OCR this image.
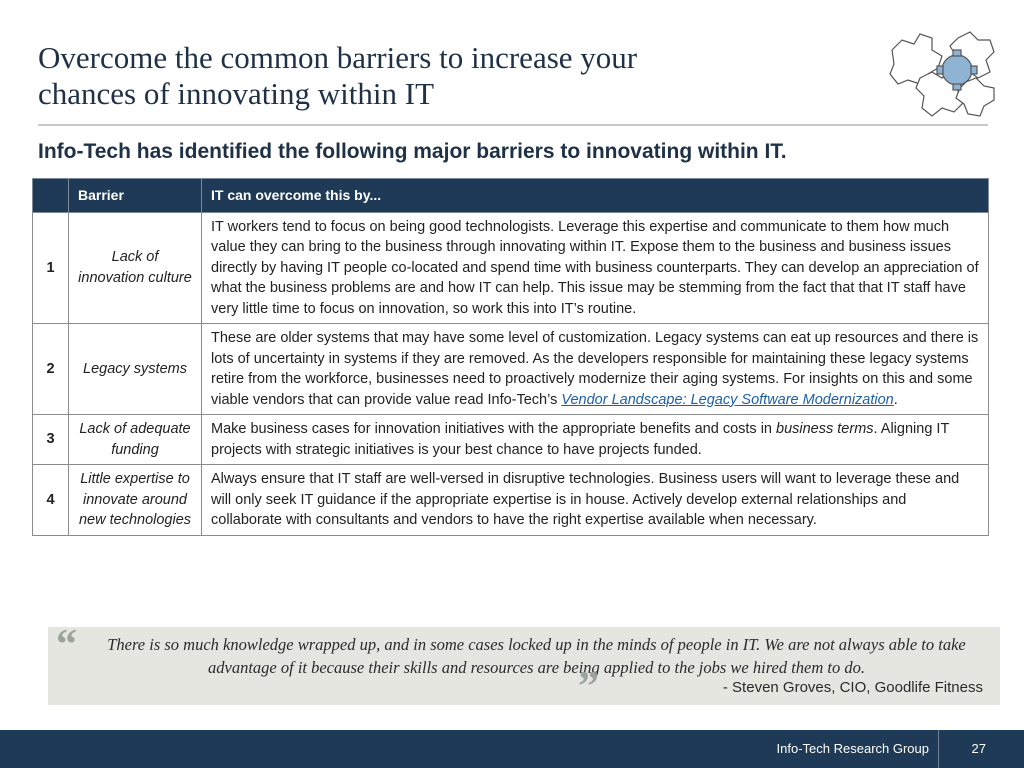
Overcome the common barriers to increase your
chances of innovating within IT
Info-Tech has identified the following major barriers to innovating within IT.
	Barrier	IT can overcome this by...
1	Lack of innovation culture	IT workers tend to focus on being good technologists. Leverage this expertise and communicate to them how much value they can bring to the business through innovating within IT. Expose them to the business and business issues directly by having IT people co-located and spend time with business counterparts. They can develop an appreciation of what the business problems are and how IT can help. This issue may be stemming from the fact that that IT staff have very little time to focus on innovation, so work this into IT’s routine.
2	Legacy systems	These are older systems that may have some level of customization. Legacy systems can eat up resources and there is lots of uncertainty in systems if they are removed. As the developers responsible for maintaining these legacy systems retire from the workforce, businesses need to proactively modernize their aging systems. For insights on this and some viable vendors that can provide value read Info-Tech’s Vendor Landscape: Legacy Software Modernization.
3	Lack of adequate funding	Make business cases for innovation initiatives with the appropriate benefits and costs in business terms. Aligning IT projects with strategic initiatives is your best chance to have projects funded.
4	Little expertise to innovate around new technologies	Always ensure that IT staff are well-versed in disruptive technologies. Business users will want to leverage these and will only seek IT guidance if the appropriate expertise is in house. Actively develop external relationships and collaborate with consultants and vendors to have the right expertise available when necessary.
“	There is so much knowledge wrapped up, and in some cases locked up in the minds of people in IT. We are not always able to take advantage of it because their skills and resources are being applied to the jobs we hired them to do.
”	- Steven Groves, CIO, Goodlife Fitness
Info-Tech Research Group	27
